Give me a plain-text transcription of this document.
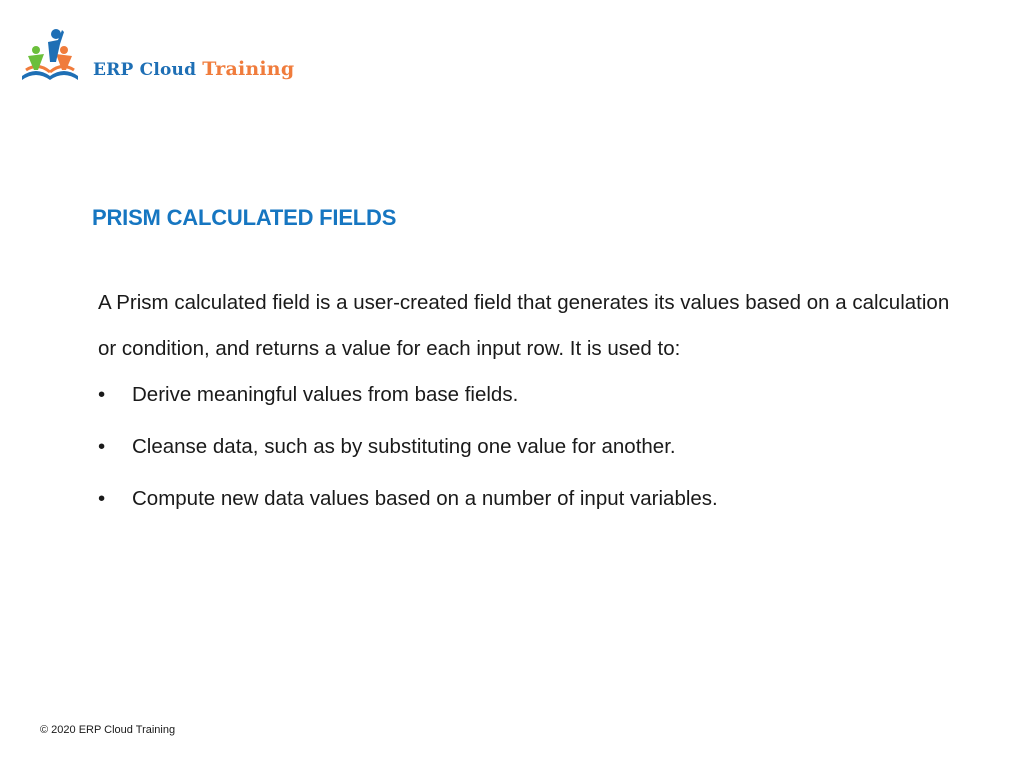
ERP Cloud Training
PRISM CALCULATED FIELDS
A Prism calculated field is a user-created field that generates its values based on a calculation or condition, and returns a value for each input row. It is used to:
•	Derive meaningful values from base fields.
•	Cleanse data, such as by substituting one value for another.
•	Compute new data values based on a number of input variables.
© 2020 ERP Cloud Training
